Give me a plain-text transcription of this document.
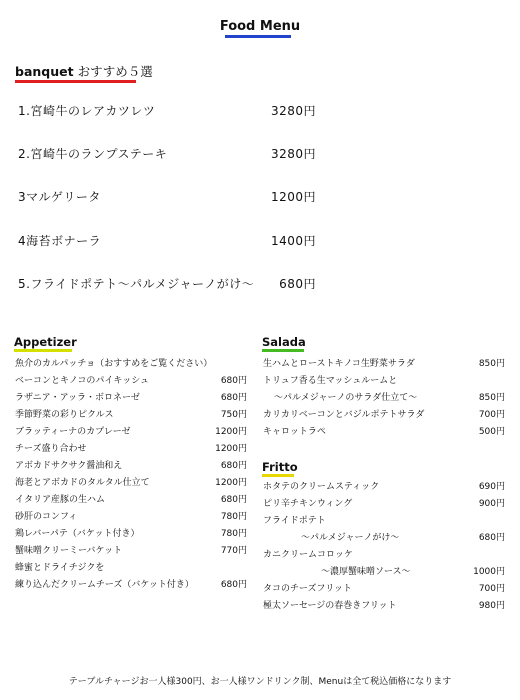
Food Menu
banquet おすすめ５選
1.宮崎牛のレアカツレツ	3280円
2.宮崎牛のランプステーキ	3280円
3マルゲリータ	1200円
4海苔ボナーラ	1400円
5.フライドポテト〜パルメジャーノがけ〜 680円
Appetizer
魚介のカルパッチョ（おすすめをご覧ください）
ベーコンとキノコのパイキッシュ	680円
ラザニア・アッラ・ボロネーゼ	680円
季節野菜の彩りピクルス	750円
ブラッティーナのカプレーゼ	1200円
チーズ盛り合わせ	1200円
アボカドサクサク醤油和え	680円
海老とアボカドのタルタル仕立て	1200円
イタリア産豚の生ハム	680円
砂肝のコンフィ	780円
鶏レバーパテ（バケット付き）	780円
蟹味噌クリーミーバケット	770円
蜂蜜とドライチジクを
練り込んだクリームチーズ（バケット付き）	680円
Salada
生ハムとローストキノコ生野菜サラダ	850円
トリュフ香る生マッシュルームと
〜パルメジャーノのサラダ仕立て〜	850円
カリカリベーコンとバジルポテトサラダ	700円
キャロットラペ	500円
Fritto
ホタテのクリームスティック	690円
ピリ辛チキンウィング	900円
フライドポテト
〜パルメジャーノがけ〜	680円
カニクリームコロッケ
〜濃厚蟹味噌ソース〜	1000円
タコのチーズフリット	700円
極太ソーセージの春巻きフリット	980円
テーブルチャージお一人様300円、お一人様ワンドリンク制、Menuは全て税込価格になります
